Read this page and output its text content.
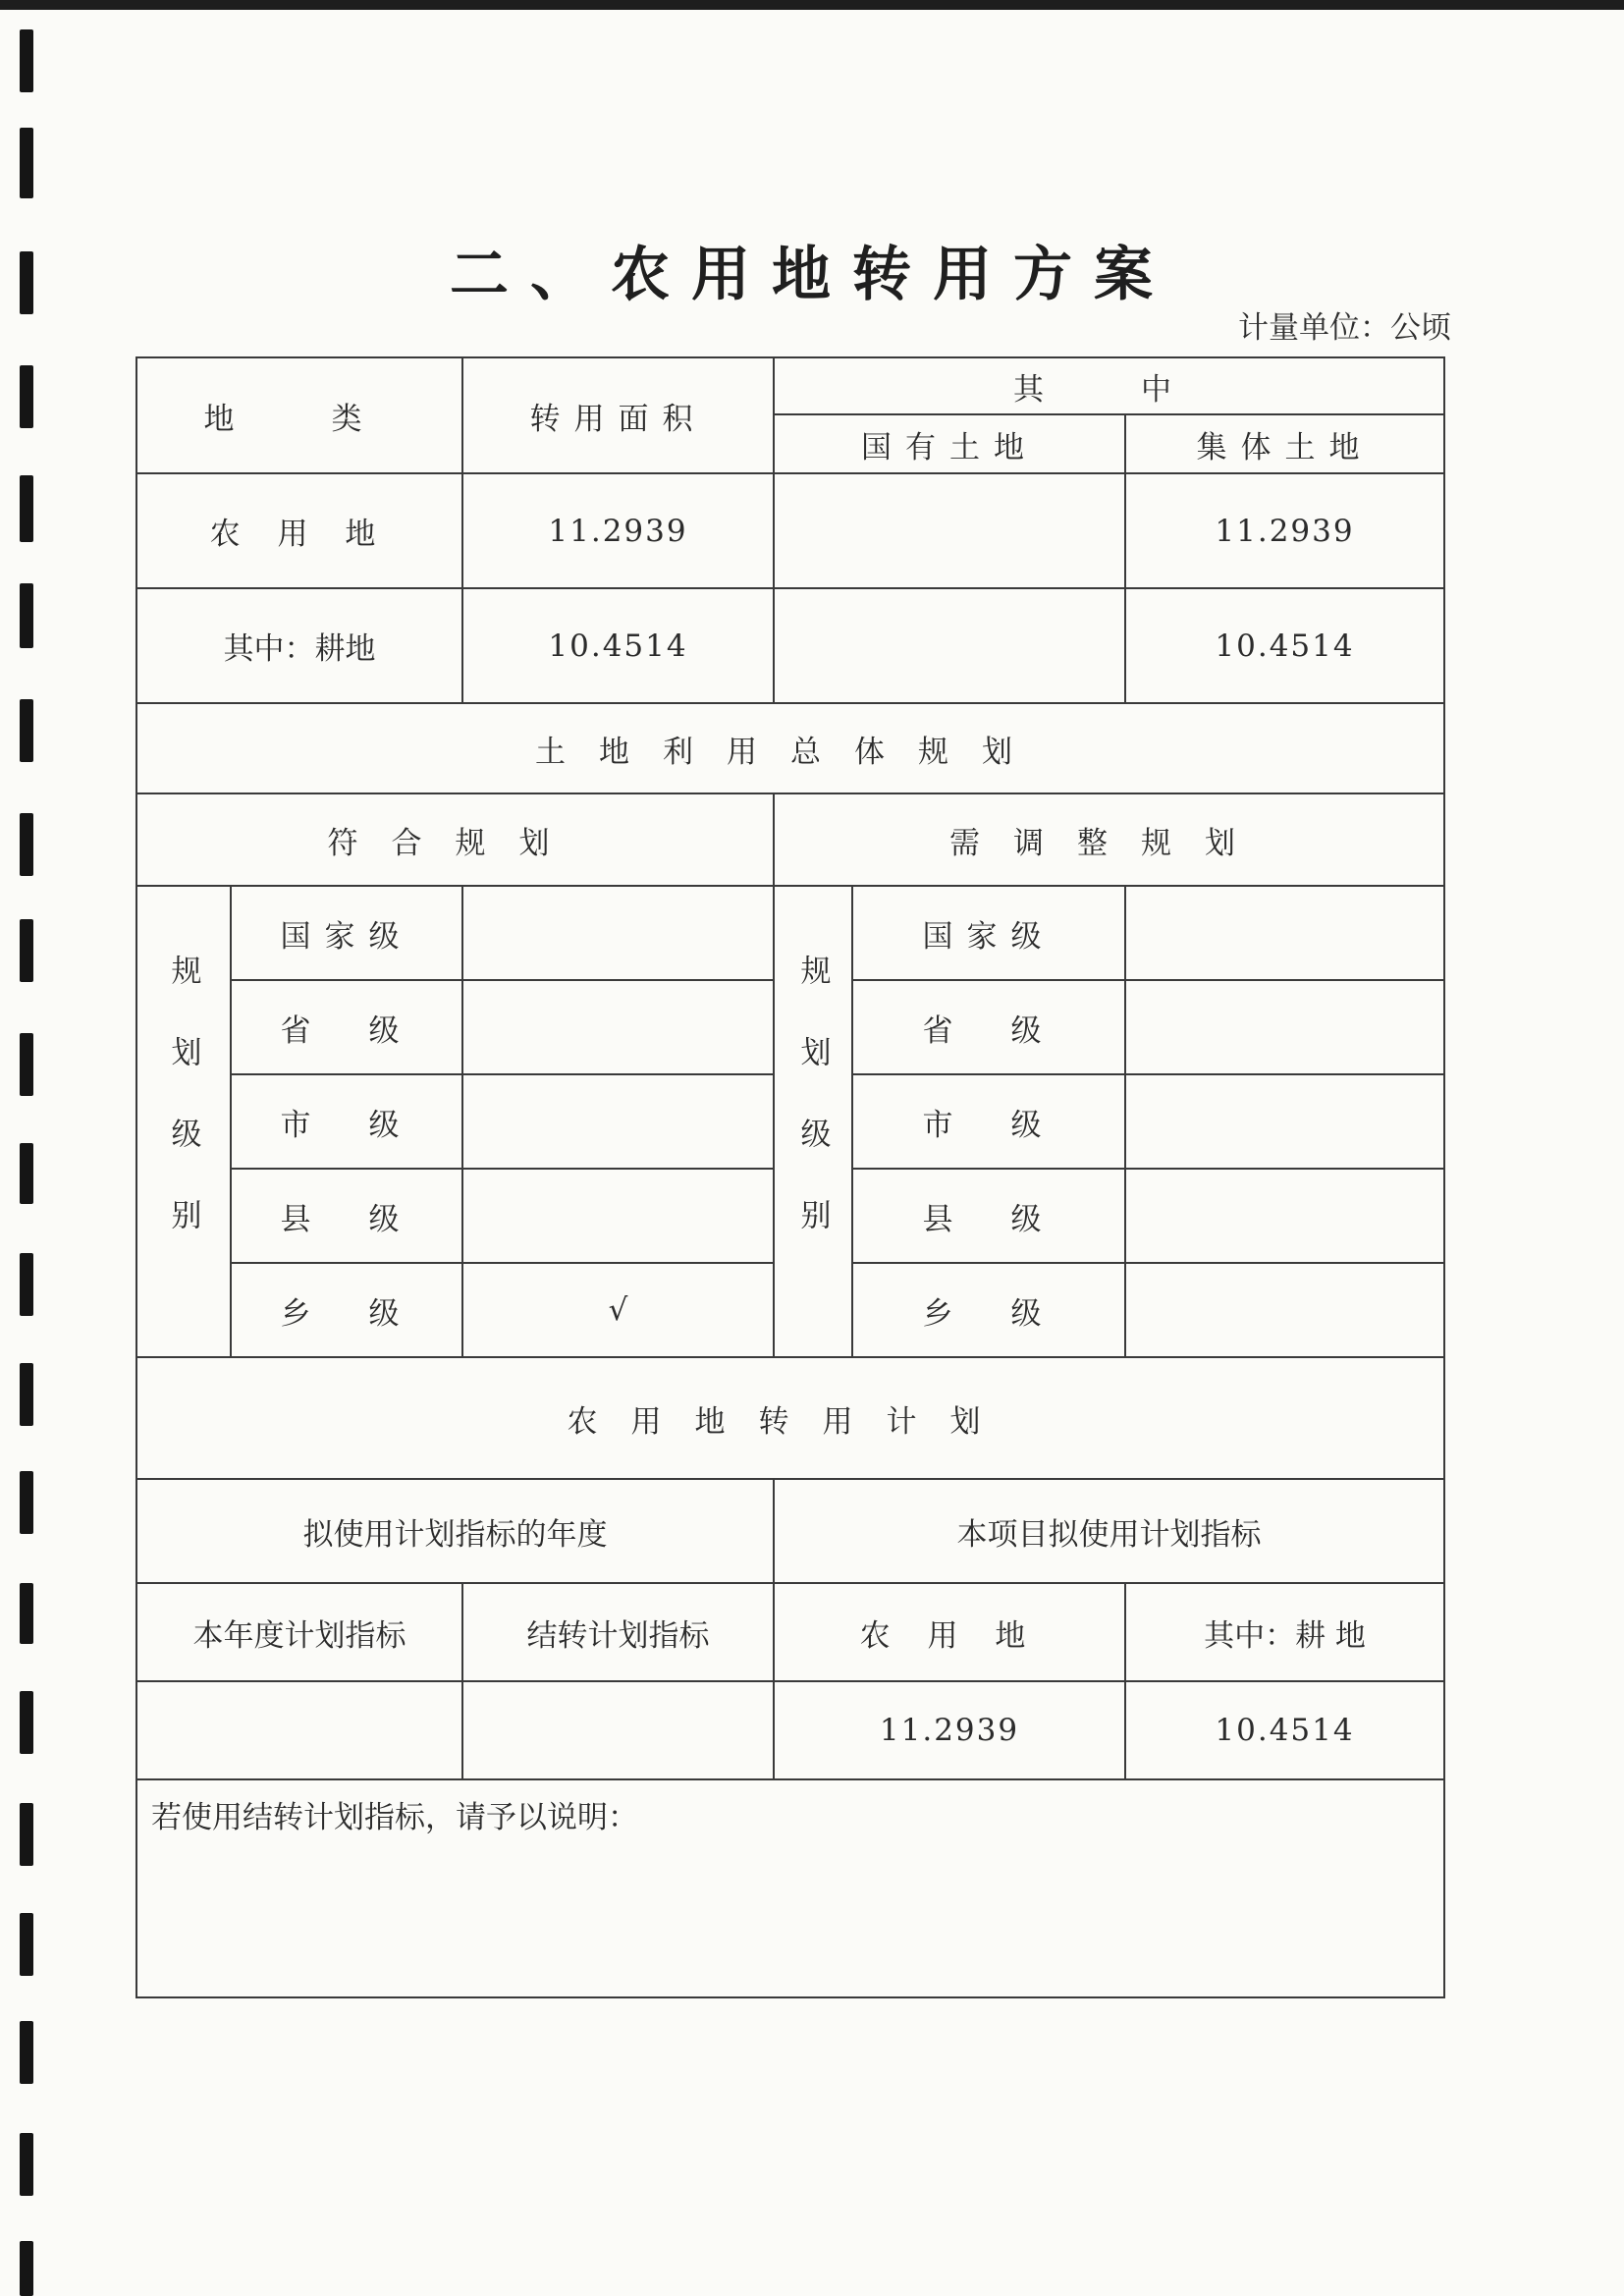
二、农用地转用方案
计量单位：公顷
地　类		转用面积	其　中		
			国有土地		集体土地
农 用 地		11.2939			11.2939
其中：耕地		10.4514			10.4514
土地利用总体规划					
符合规划			需调整规划		
规划级别	国家级		规划级别	国家级	
	省　级			省　级	
	市　级			市　级	
	县　级			县　级	
	乡　级	√		乡　级	
农用地转用计划					
拟使用计划指标的年度			本项目拟使用计划指标		
本年度计划指标		结转计划指标	农 用 地		其中：耕 地
			11.2939		10.4514
若使用结转计划指标，请予以说明：					
